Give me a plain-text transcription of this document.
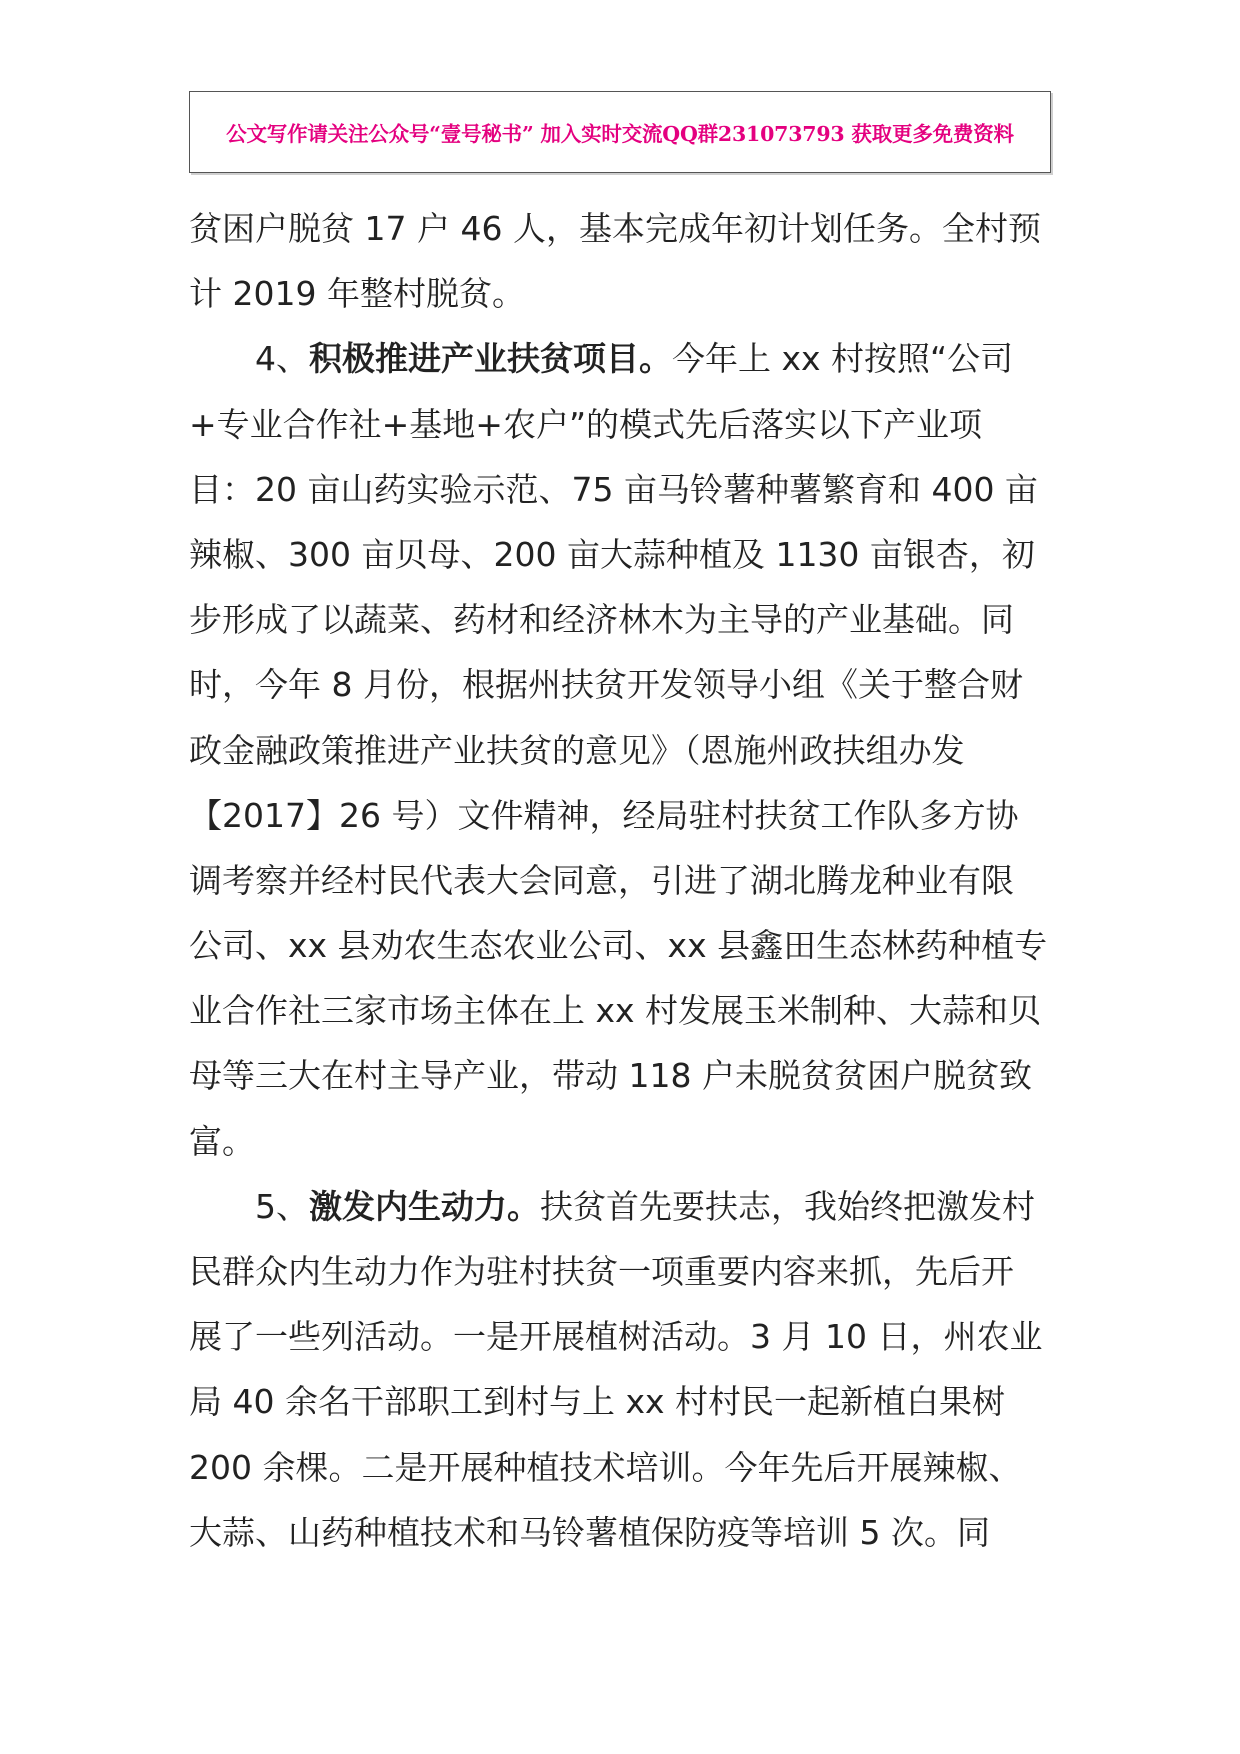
公文写作请关注公众号“壹号秘书” 加入实时交流QQ群231073793 获取更多免费资料
贫困户脱贫 17 户 46 人，基本完成年初计划任务。全村预
计 2019 年整村脱贫。
4、积极推进产业扶贫项目。今年上 xx 村按照“公司
+专业合作社+基地+农户”的模式先后落实以下产业项
目：20 亩山药实验示范、75 亩马铃薯种薯繁育和 400 亩
辣椒、300 亩贝母、200 亩大蒜种植及 1130 亩银杏，初
步形成了以蔬菜、药材和经济林木为主导的产业基础。同
时，今年 8 月份，根据州扶贫开发领导小组《关于整合财
政金融政策推进产业扶贫的意见》（恩施州政扶组办发
【2017】26 号）文件精神，经局驻村扶贫工作队多方协
调考察并经村民代表大会同意，引进了湖北腾龙种业有限
公司、xx 县劝农生态农业公司、xx 县鑫田生态林药种植专
业合作社三家市场主体在上 xx 村发展玉米制种、大蒜和贝
母等三大在村主导产业，带动 118 户未脱贫贫困户脱贫致
富。
5、激发内生动力。扶贫首先要扶志，我始终把激发村
民群众内生动力作为驻村扶贫一项重要内容来抓，先后开
展了一些列活动。一是开展植树活动。3 月 10 日，州农业
局 40 余名干部职工到村与上 xx 村村民一起新植白果树
200 余棵。二是开展种植技术培训。今年先后开展辣椒、
大蒜、山药种植技术和马铃薯植保防疫等培训 5 次。同
